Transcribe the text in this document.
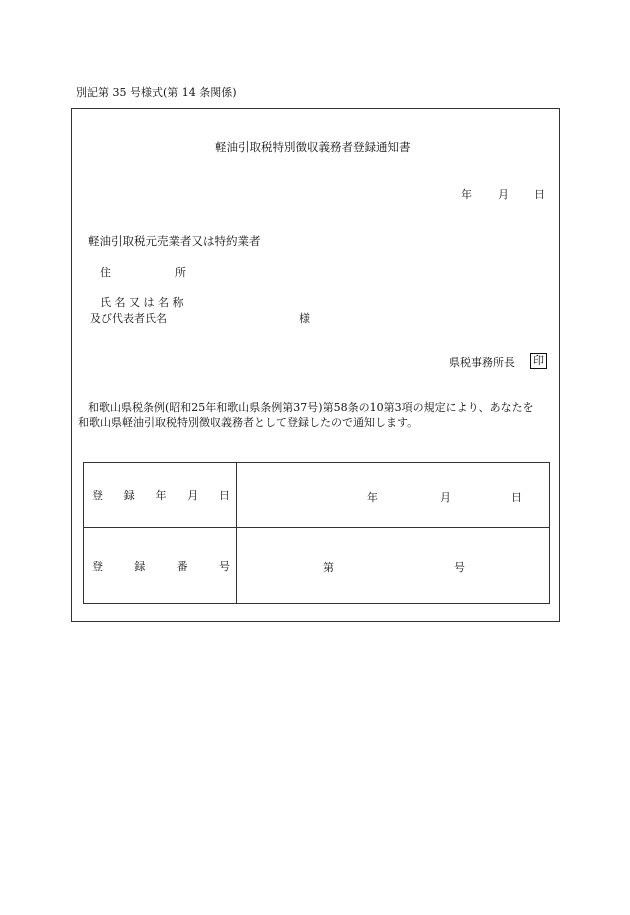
別記第 35 号様式(第 14 条関係)
軽油引取税特別徴収義務者登録通知書
年 月 日
軽油引取税元売業者又は特約業者
住	所
氏 名 又 は 名 称
及び代表者氏名	様
県税事務所長 印
和歌山県税条例(昭和25年和歌山県条例第37号)第58条の10第3項の規定により、あなたを
和歌山県軽油引取税特別徴収義務者として登録したので通知します。
登 録 年 月 日	年 月 日

登 録 番 号	第 号
